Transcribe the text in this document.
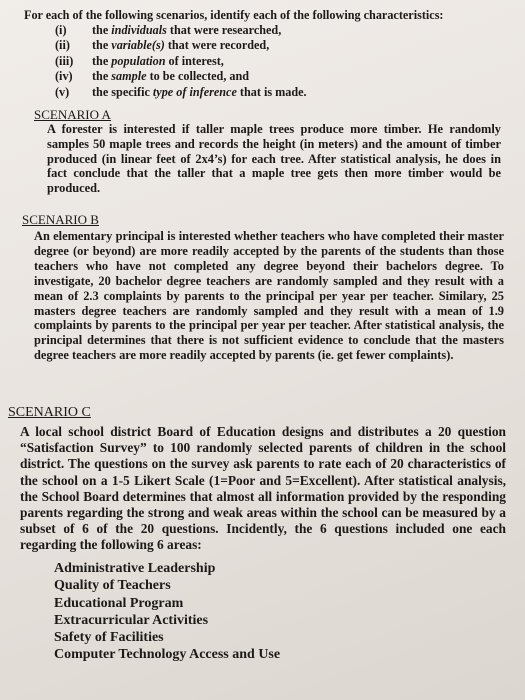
For each of the following scenarios, identify each of the following characteristics:
(i) the individuals that were researched,
(ii) the variable(s) that were recorded,
(iii) the population of interest,
(iv) the sample to be collected, and
(v) the specific type of inference that is made.
SCENARIO A
A forester is interested if taller maple trees produce more timber. He randomly samples 50 maple trees and records the height (in meters) and the amount of timber produced (in linear feet of 2x4’s) for each tree. After statistical analysis, he does in fact conclude that the taller that a maple tree gets then more timber would be produced.
SCENARIO B
An elementary principal is interested whether teachers who have completed their master degree (or beyond) are more readily accepted by the parents of the students than those teachers who have not completed any degree beyond their bachelors degree. To investigate, 20 bachelor degree teachers are randomly sampled and they result with a mean of 2.3 complaints by parents to the principal per year per teacher. Similary, 25 masters degree teachers are randomly sampled and they result with a mean of 1.9 complaints by parents to the principal per year per teacher. After statistical analysis, the principal determines that there is not sufficient evidence to conclude that the masters degree teachers are more readily accepted by parents (ie. get fewer complaints).
SCENARIO C
A local school district Board of Education designs and distributes a 20 question “Satisfaction Survey” to 100 randomly selected parents of children in the school district. The questions on the survey ask parents to rate each of 20 characteristics of the school on a 1-5 Likert Scale (1=Poor and 5=Excellent). After statistical analysis, the School Board determines that almost all information provided by the responding parents regarding the strong and weak areas within the school can be measured by a subset of 6 of the 20 questions. Incidently, the 6 questions included one each regarding the following 6 areas:
Administrative Leadership
Quality of Teachers
Educational Program
Extracurricular Activities
Safety of Facilities
Computer Technology Access and Use
